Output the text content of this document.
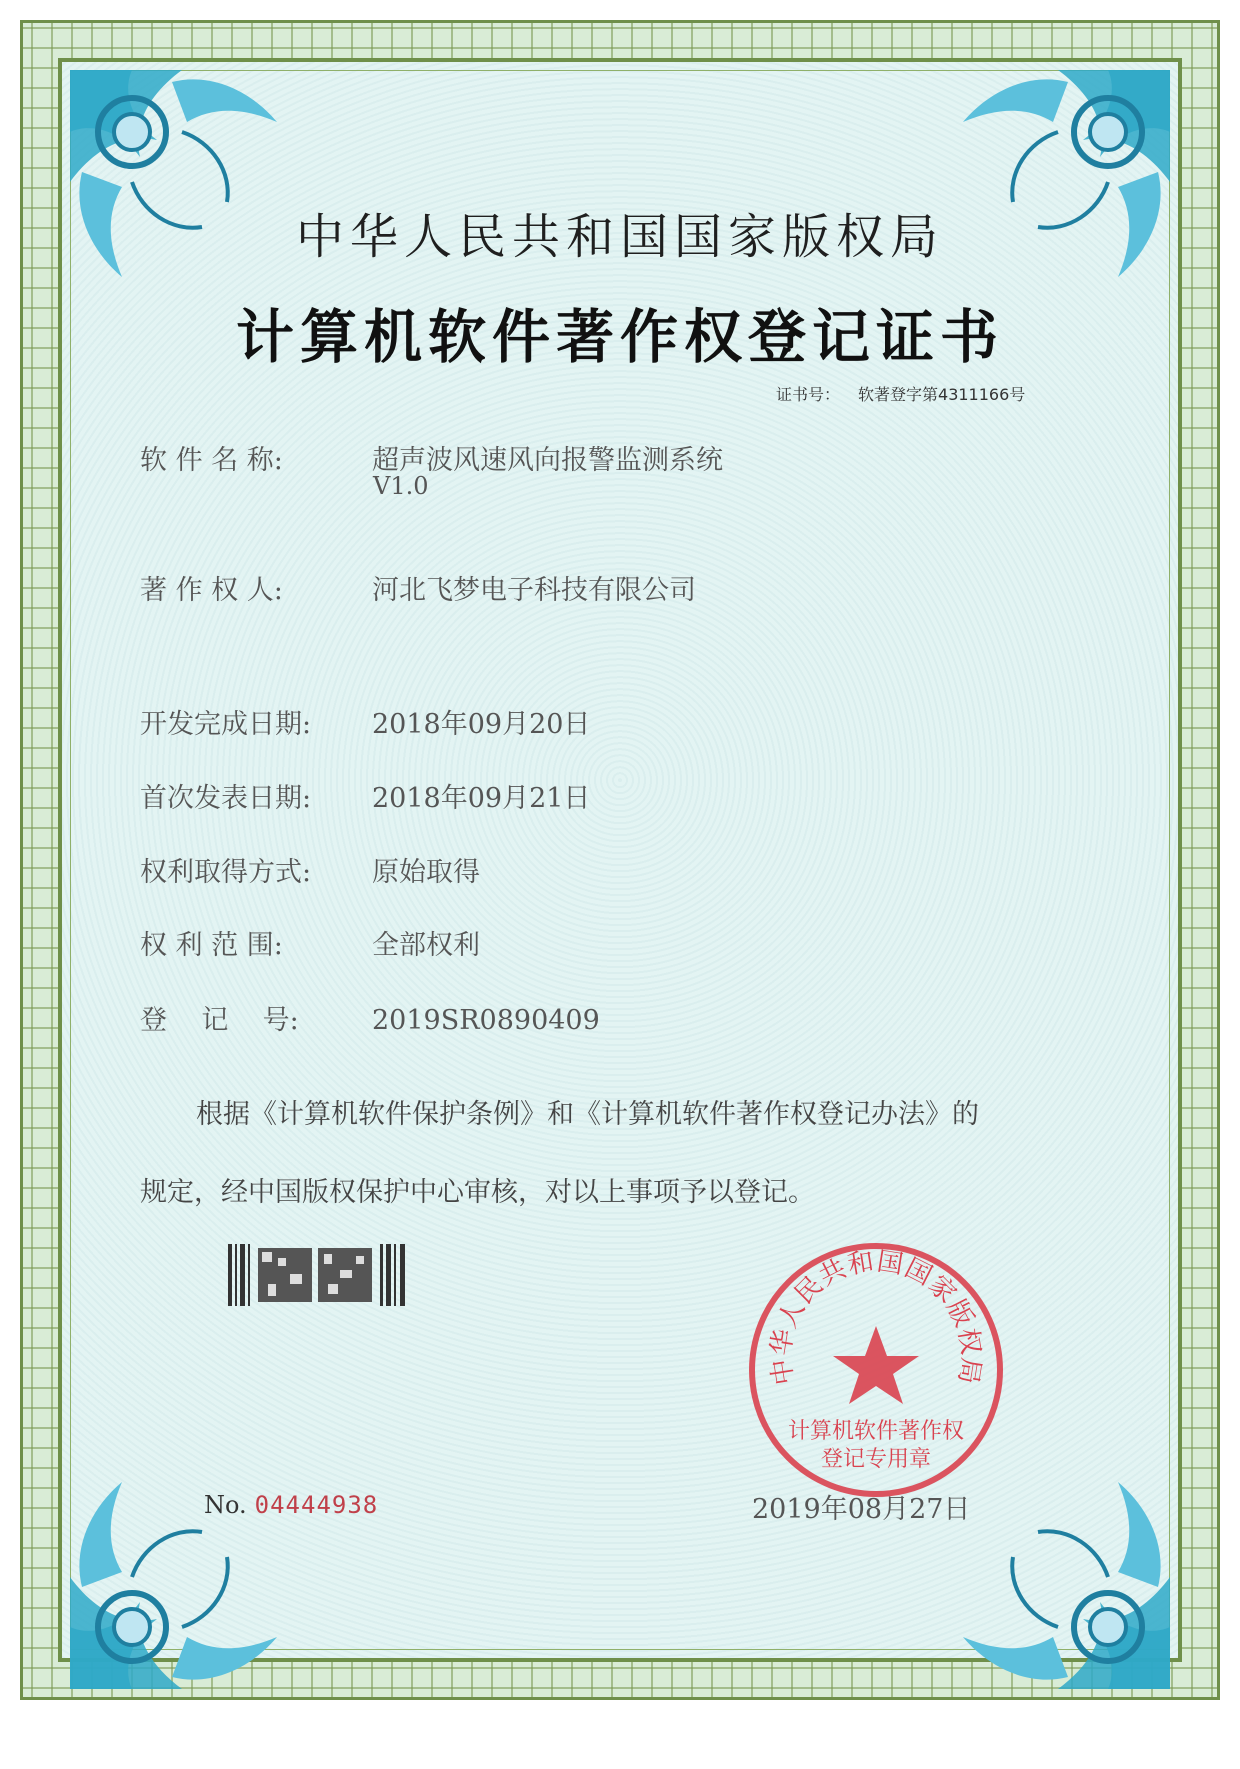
中华人民共和国国家版权局
计算机软件著作权登记证书
证书号： 软著登字第4311166号
软 件 名 称:	超声波风速风向报警监测系统
V1.0
著 作 权 人:	河北飞梦电子科技有限公司
开发完成日期: 2018年09月20日
首次发表日期: 2018年09月21日
权利取得方式: 原始取得
权 利 范 围:	全部权利
登    记    号:	2019SR0890409
根据《计算机软件保护条例》和《计算机软件著作权登记办法》的
规定，经中国版权保护中心审核，对以上事项予以登记。
No. 04444938	2019年08月27日
中华人民共和国国家版权局
计算机软件著作权
登记专用章
